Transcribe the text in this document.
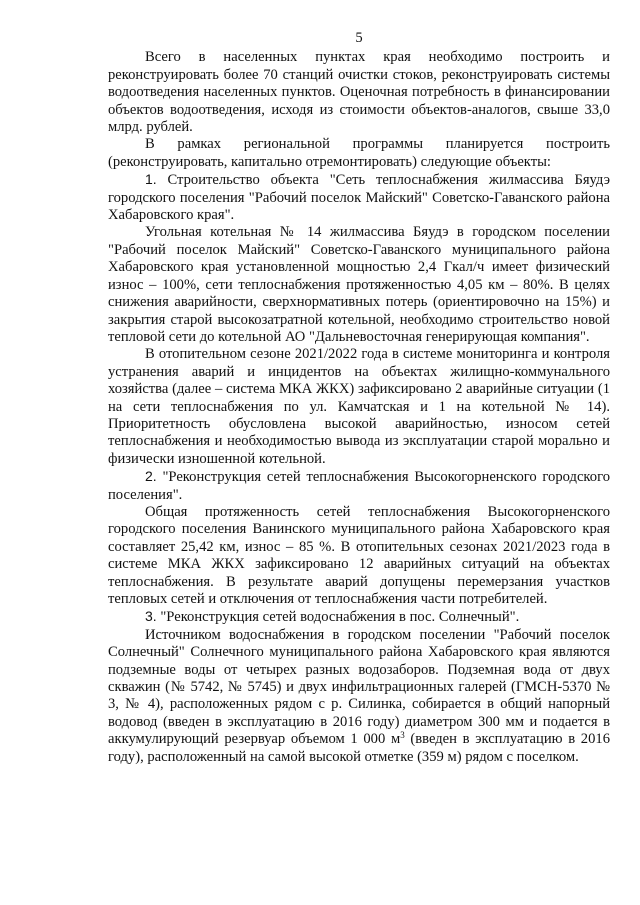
5

Всего в населенных пунктах края необходимо построить и реконструировать более 70 станций очистки стоков, реконструировать системы водоотведения населенных пунктов. Оценочная потребность в финансировании объектов водоотведения, исходя из стоимости объектов-аналогов, свыше 33,0 млрд. рублей.

В рамках региональной программы планируется построить (реконструировать, капитально отремонтировать) следующие объекты:

1. Строительство объекта "Сеть теплоснабжения жилмассива Бяудэ городского поселения "Рабочий поселок Майский" Советско-Гаванского района Хабаровского края".

Угольная котельная № 14 жилмассива Бяудэ в городском поселении "Рабочий поселок Майский" Советско-Гаванского муниципального района Хабаровского края установленной мощностью 2,4 Гкал/ч имеет физический износ – 100%, сети теплоснабжения протяженностью 4,05 км – 80%. В целях снижения аварийности, сверхнормативных потерь (ориентировочно на 15%) и закрытия старой высокозатратной котельной, необходимо строительство новой тепловой сети до котельной АО "Дальневосточная генерирующая компания".

В отопительном сезоне 2021/2022 года в системе мониторинга и контроля устранения аварий и инцидентов на объектах жилищно-коммунального хозяйства (далее – система МКА ЖКХ) зафиксировано 2 аварийные ситуации (1 на сети теплоснабжения по ул. Камчатская и 1 на котельной № 14). Приоритетность обусловлена высокой аварийностью, износом сетей теплоснабжения и необходимостью вывода из эксплуатации старой морально и физически изношенной котельной.

2. "Реконструкция сетей теплоснабжения Высокогорненского городского поселения".

Общая протяженность сетей теплоснабжения Высокогорненского городского поселения Ванинского муниципального района Хабаровского края составляет 25,42 км, износ – 85 %. В отопительных сезонах 2021/2023 года в системе МКА ЖКХ зафиксировано 12 аварийных ситуаций на объектах теплоснабжения. В результате аварий допущены перемерзания участков тепловых сетей и отключения от теплоснабжения части потребителей.

3. "Реконструкция сетей водоснабжения в пос. Солнечный".

Источником водоснабжения в городском поселении "Рабочий поселок Солнечный" Солнечного муниципального района Хабаровского края являются подземные воды от четырех разных водозаборов. Подземная вода от двух скважин (№ 5742, № 5745) и двух инфильтрационных галерей (ГМСН-5370 № 3, № 4), расположенных рядом с р. Силинка, собирается в общий напорный водовод (введен в эксплуатацию в 2016 году) диаметром 300 мм и подается в аккумулирующий резервуар объемом 1 000 $м^3$ (введен в эксплуатацию в 2016 году), расположенный на самой высокой отметке (359 м) рядом с поселком.
